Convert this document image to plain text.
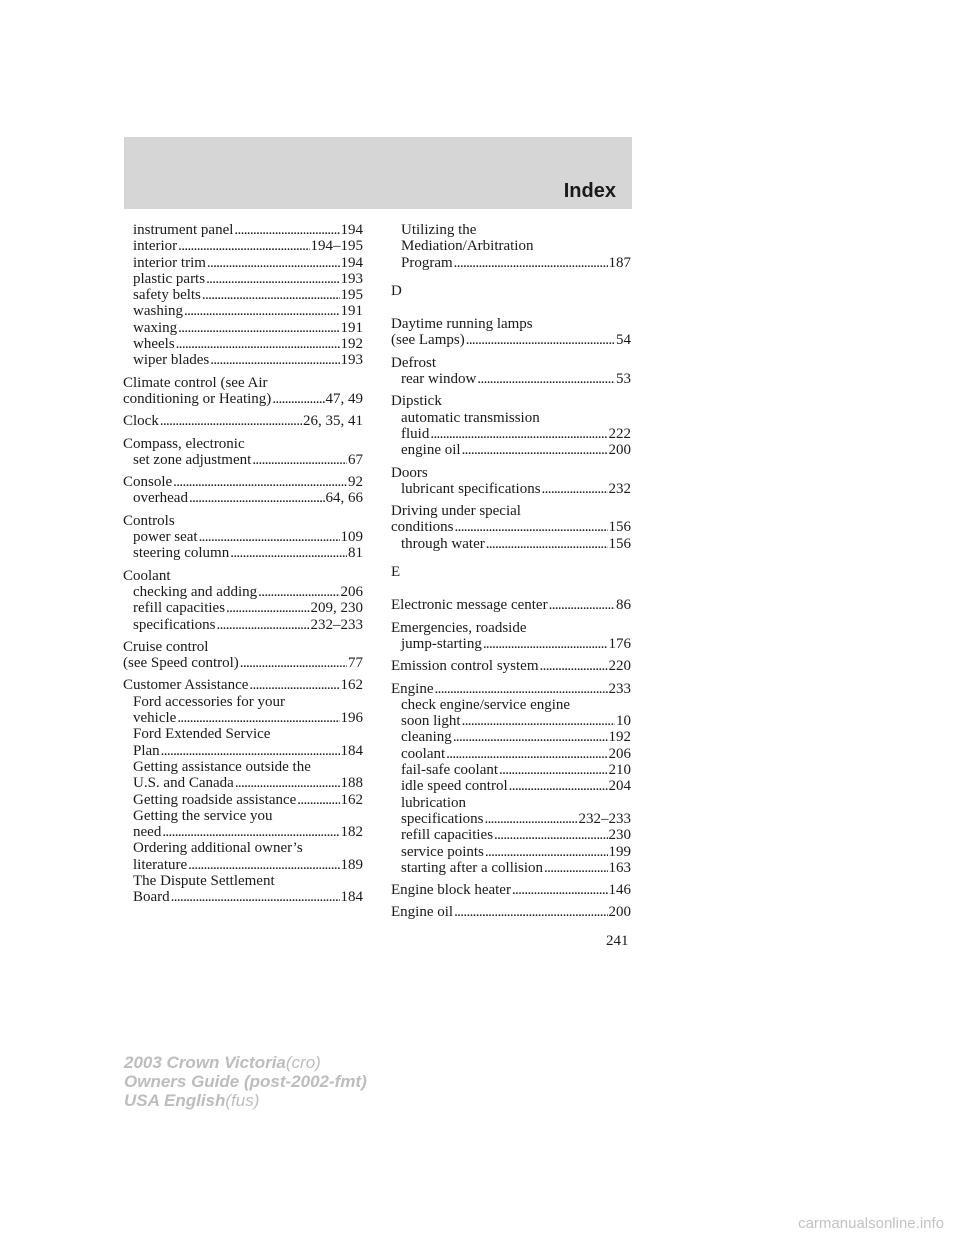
Index
instrument panel . . .	194
interior . . .	194–195
interior trim . . .	194
plastic parts . . .	193
safety belts . . .	195
washing . . .	191
waxing . . .	191
wheels . . .	192
wiper blades . . .	193
Climate control (see Air
conditioning or Heating) . . .	47, 49
Clock . . .	26, 35, 41
Compass, electronic
set zone adjustment . . .	67
Console . . .	92
overhead . . .	64, 66
Controls
power seat . . .	109
steering column . . .	81
Coolant
checking and adding . . .	206
refill capacities . . .	209, 230
specifications . . .	232–233
Cruise control
(see Speed control) . . .	77
Customer Assistance . . .	162
Ford accessories for your
vehicle . . .	196
Ford Extended Service
Plan . . .	184
Getting assistance outside the
U.S. and Canada . . .	188
Getting roadside assistance . . .	162
Getting the service you
need . . .	182
Ordering additional owner’s
literature . . .	189
The Dispute Settlement
Board . . .	184
Utilizing the
Mediation/Arbitration
Program . . .	187
D
Daytime running lamps
(see Lamps) . . .	54
Defrost
rear window . . .	53
Dipstick
automatic transmission
fluid . . .	222
engine oil . . .	200
Doors
lubricant specifications . . .	232
Driving under special
conditions . . .	156
through water . . .	156
E
Electronic message center . . .	86
Emergencies, roadside
jump-starting . . .	176
Emission control system . . .	220
Engine . . .	233
check engine/service engine
soon light . . .	10
cleaning . . .	192
coolant . . .	206
fail-safe coolant . . .	210
idle speed control . . .	204
lubrication
specifications . . .	232–233
refill capacities . . .	230
service points . . .	199
starting after a collision . . .	163
Engine block heater . . .	146
Engine oil . . .	200
241
2003 Crown Victoria(cro)
Owners Guide (post-2002-fmt)
USA English(fus)
carmanualsonline.info
